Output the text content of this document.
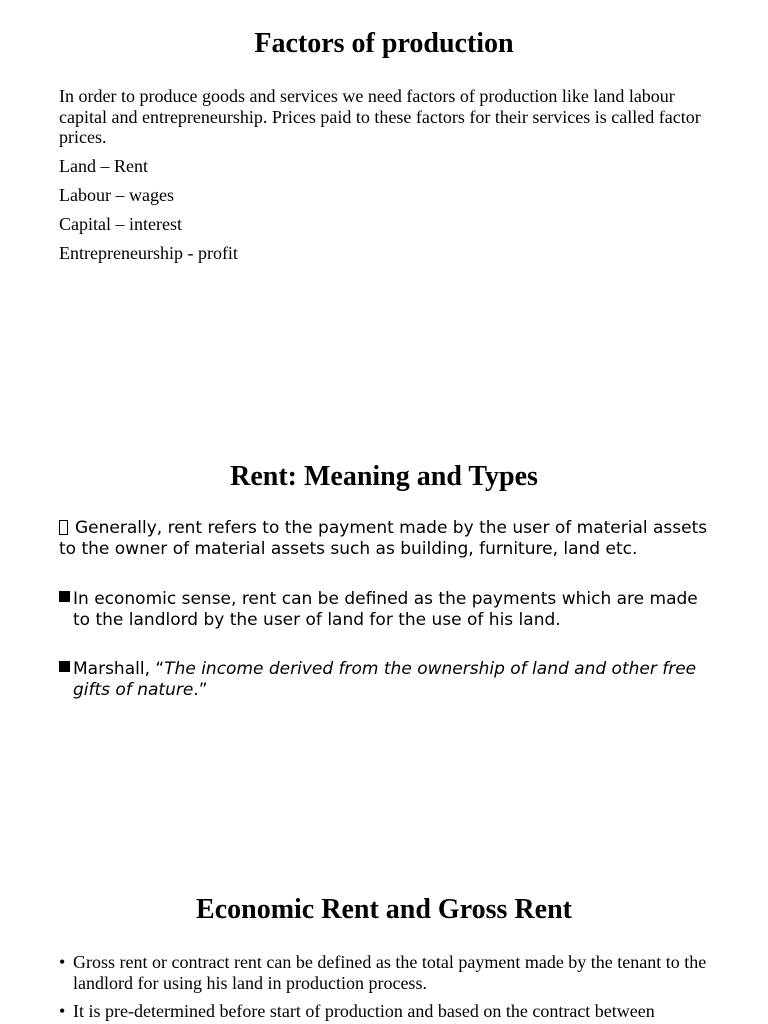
Factors of production

In order to produce goods and services we need factors of production like land labour capital and entrepreneurship. Prices paid to these factors for their services is called factor prices.

Land – Rent

Labour – wages

Capital – interest

Entrepreneurship - profit

Rent: Meaning and Types

Generally, rent refers to the payment made by the user of material assets to the owner of material assets such as building, furniture, land etc.

In economic sense, rent can be defined as the payments which are made to the landlord by the user of land for the use of his land.

Marshall, “The income derived from the ownership of land and other free gifts of nature.”

Economic Rent and Gross Rent
• Gross rent or contract rent can be defined as the total payment made by the tenant to the landlord for using his land in production process.

• It is pre-determined before start of production and based on the contract between
